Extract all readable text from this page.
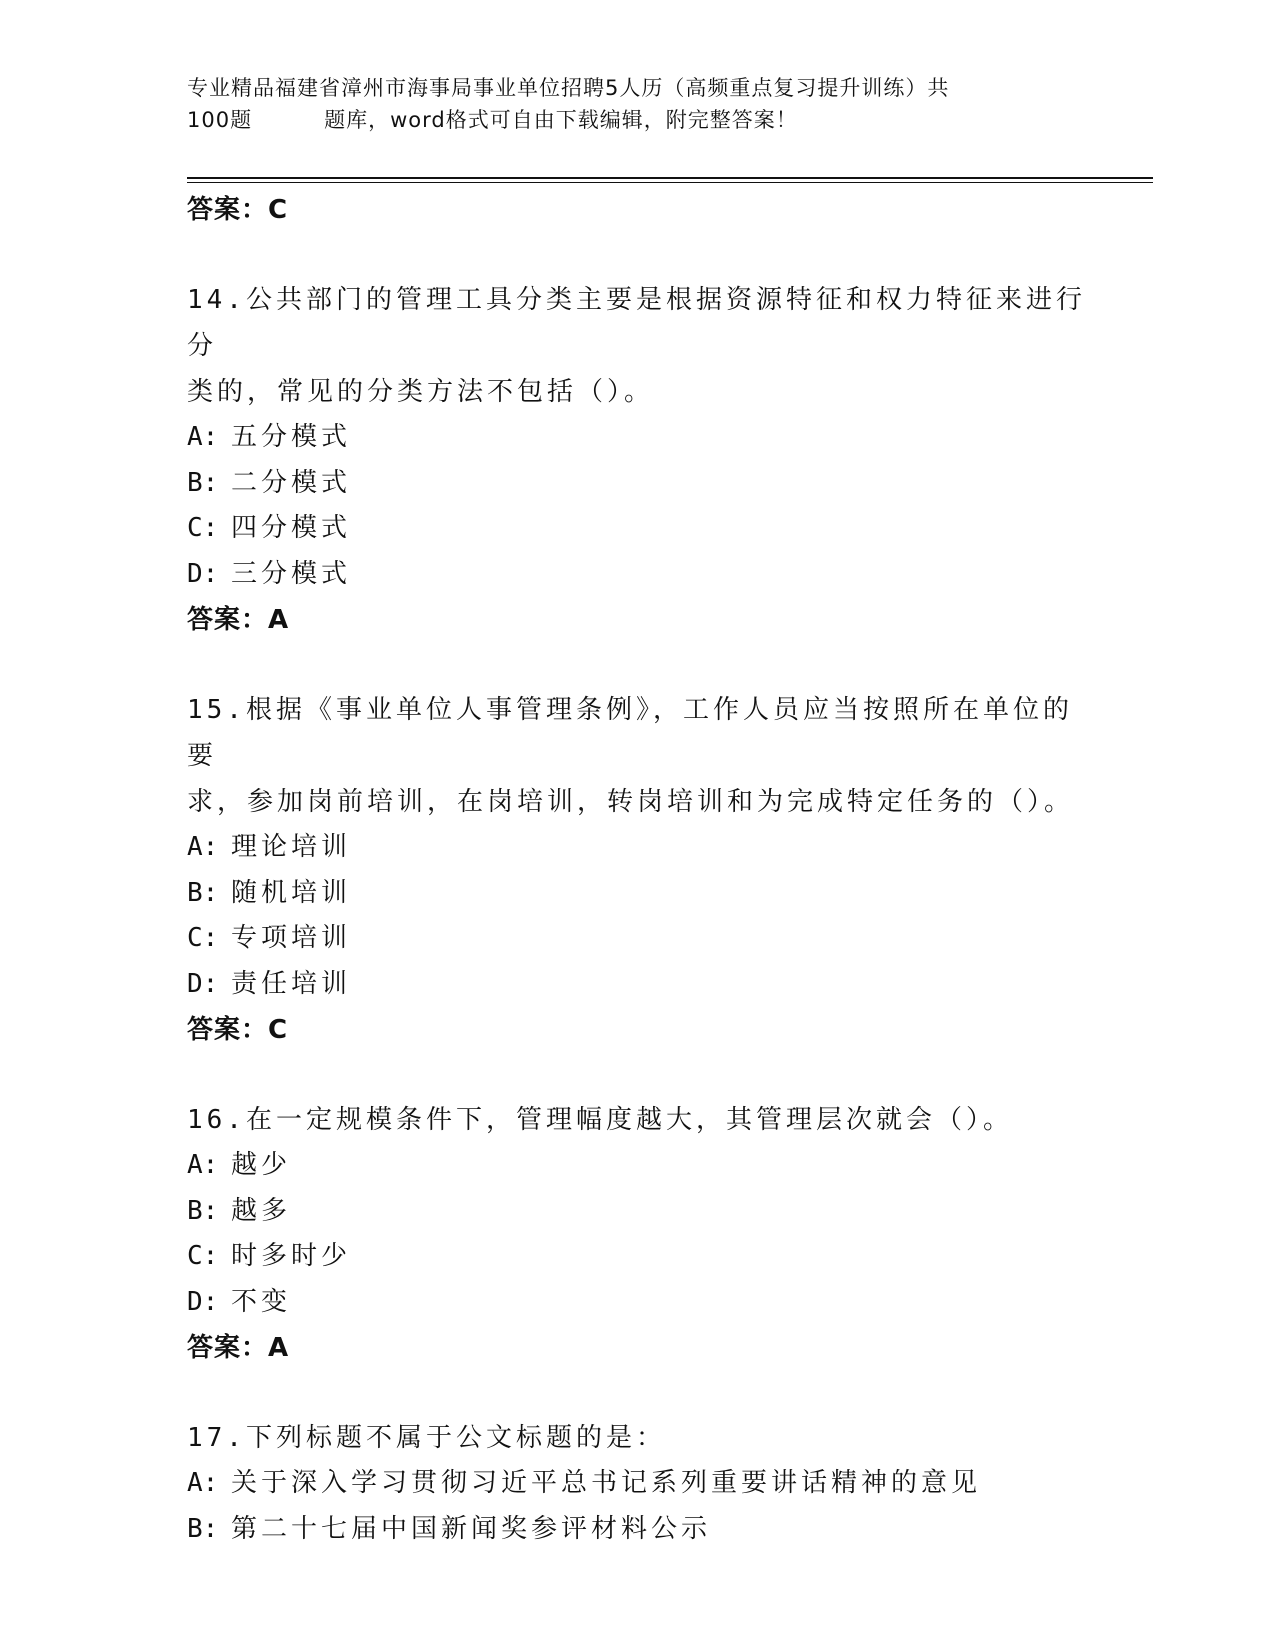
专业精品福建省漳州市海事局事业单位招聘5人历（高频重点复习提升训练）共
100题	题库，word格式可自由下载编辑，附完整答案！
答案：C
14.公共部门的管理工具分类主要是根据资源特征和权力特征来进行分
类的，常见的分类方法不包括（）。
A: 五分模式
B: 二分模式
C: 四分模式
D: 三分模式
答案：A
15.根据《事业单位人事管理条例》，工作人员应当按照所在单位的要
求，参加岗前培训，在岗培训，转岗培训和为完成特定任务的（）。
A: 理论培训
B: 随机培训
C: 专项培训
D: 责任培训
答案：C
16.在一定规模条件下，管理幅度越大，其管理层次就会（）。
A: 越少
B: 越多
C: 时多时少
D: 不变
答案：A
17.下列标题不属于公文标题的是：
A: 关于深入学习贯彻习近平总书记系列重要讲话精神的意见
B: 第二十七届中国新闻奖参评材料公示
